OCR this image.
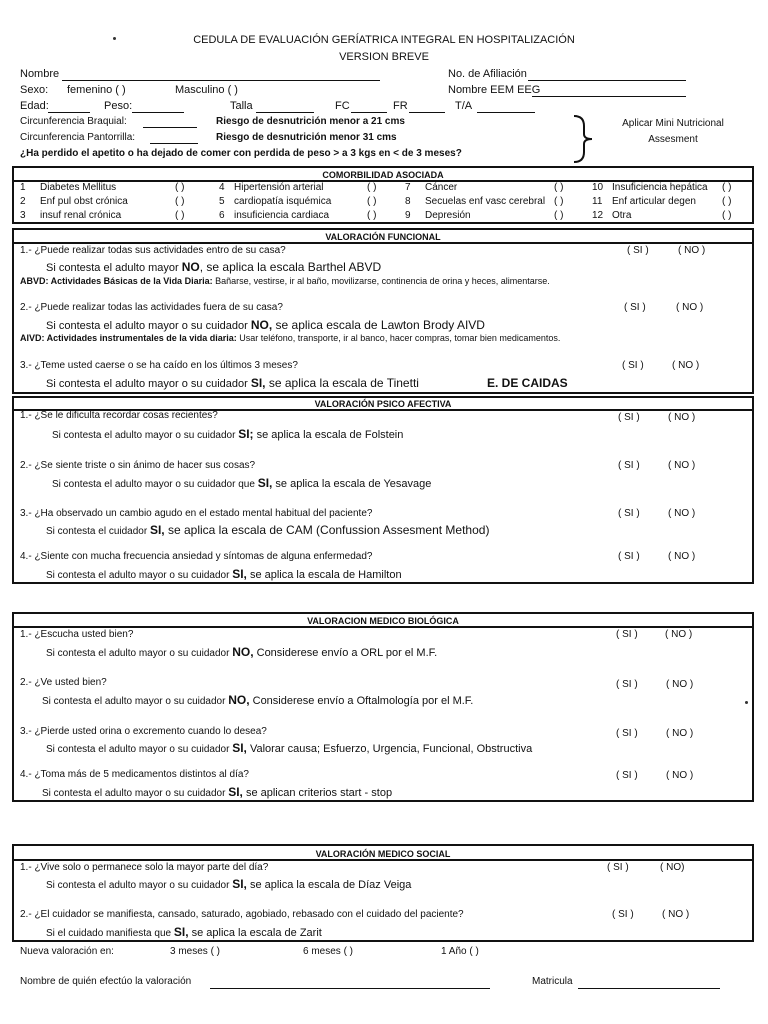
CEDULA DE EVALUACIÓN GERÍATRICA INTEGRAL EN HOSPITALIZACIÓN
VERSION BREVE
Nombre	No. de Afiliación
Sexo: femenino ( )	Masculino ( )	Nombre EEM EEG
Edad:	Peso:	Talla	FC	FR	T/A
Circunferencia Braquial:	Riesgo de desnutrición menor a 21 cms
Circunferencia Pantorrilla:	Riesgo de desnutrición menor 31 cms
¿Ha perdido el apetito o ha dejado de comer con perdida de peso > a 3 kgs en < de 3 meses?
Aplicar Mini Nutricional
Assesment
COMORBILIDAD ASOCIADA
1 Diabetes Mellitus	( )	4 Hipertensión arterial	( )	7 Cáncer	( )	10 Insuficiencia hepática ( )
2 Enf pul obst crónica	( )	5 cardiopatía isquémica	( )	8 Secuelas enf vasc cerebral ( )	11 Enf articular degen	( )
3 insuf renal crónica	( )	6 insuficiencia cardiaca	( )	9 Depresión	( )	12 Otra	( )
VALORACIÓN FUNCIONAL
1.- ¿Puede realizar todas sus actividades entro de su casa?	( SI )	( NO )
Si contesta el adulto mayor NO, se aplica la escala Barthel ABVD
ABVD: Actividades Básicas de la Vida Diaria: Bañarse, vestirse, ir al baño, movilizarse, continencia de orina y heces, alimentarse.
2.- ¿Puede realizar todas las actividades fuera de su casa?	( SI )	( NO )
Si contesta el adulto mayor o su cuidador NO, se aplica escala de Lawton Brody AIVD
AIVD: Actividades instrumentales de la vida diaria: Usar teléfono, transporte, ir al banco, hacer compras, tomar bien medicamentos.
3.- ¿Teme usted caerse o se ha caído en los últimos 3 meses?	( SI )	( NO )
Si contesta el adulto mayor o su cuidador SI, se aplica la escala de Tinetti	E. DE CAIDAS
VALORACIÓN PSICO AFECTIVA
1.- ¿Se le dificulta recordar cosas recientes?	( SI )	( NO )
Si contesta el adulto mayor o su cuidador SI; se aplica la escala de Folstein
2.- ¿Se siente triste o sin ánimo de hacer sus cosas?	( SI )	( NO )
Si contesta el adulto mayor o su cuidador que SI, se aplica la escala de Yesavage
3.- ¿Ha observado un cambio agudo en el estado mental habitual del paciente?	( SI )	( NO )
Si contesta el cuidador SI, se aplica la escala de CAM (Confussion Assesment Method)
4.- ¿Siente con mucha frecuencia ansiedad y síntomas de alguna enfermedad?	( SI )	( NO )
Si contesta el adulto mayor o su cuidador SI, se aplica la escala de Hamilton
VALORACION MEDICO BIOLÓGICA
1.- ¿Escucha usted bien?	( SI )	( NO )
Si contesta el adulto mayor o su cuidador NO, Considerese envío a ORL por el M.F.
2.- ¿Ve usted bien?	( SI )	( NO )
Si contesta el adulto mayor o su cuidador NO, Considerese envío a Oftalmología por el M.F.
3.- ¿Pierde usted orina o excremento cuando lo desea?	( SI )	( NO )
Si contesta el adulto mayor o su cuidador SI, Valorar causa; Esfuerzo, Urgencia, Funcional, Obstructiva
4.- ¿Toma más de 5 medicamentos distintos al día?	( SI )	( NO )
Si contesta el adulto mayor o su cuidador SI, se aplican criterios start - stop
VALORACIÓN MEDICO SOCIAL
1.- ¿Vive solo o permanece solo la mayor parte del día?	( SI )	( NO)
Si contesta el adulto mayor o su cuidador SI, se aplica la escala de Díaz Veiga
2.- ¿El cuidador se manifiesta, cansado, saturado, agobiado, rebasado con el cuidado del paciente?	( SI )	( NO )
Si el cuidado manifiesta que SI, se aplica la escala de Zarit
Nueva valoración en:	3 meses ( )	6 meses ( )	1 Año ( )
Nombre de quién efectúo la valoración	Matricula
